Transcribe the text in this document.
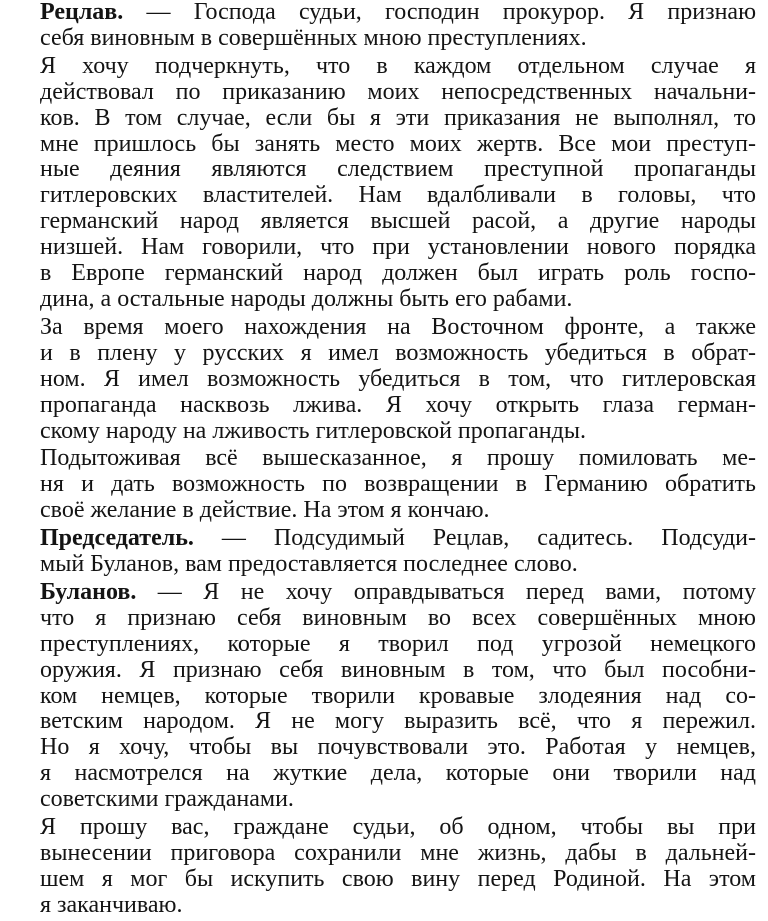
Рецлав. — Господа судьи, господин прокурор. Я признаю
себя виновным в совершённых мною преступлениях.
Я хочу подчеркнуть, что в каждом отдельном случае я
действовал по приказанию моих непосредственных начальни-
ков. В том случае, если бы я эти приказания не выполнял, то
мне пришлось бы занять место моих жертв. Все мои преступ-
ные деяния являются следствием преступной пропаганды
гитлеровских властителей. Нам вдалбливали в головы, что
германский народ является высшей расой, а другие народы
низшей. Нам говорили, что при установлении нового порядка
в Европе германский народ должен был играть роль госпо-
дина, а остальные народы должны быть его рабами.
За время моего нахождения на Восточном фронте, а также
и в плену у русских я имел возможность убедиться в обрат-
ном. Я имел возможность убедиться в том, что гитлеровская
пропаганда насквозь лжива. Я хочу открыть глаза герман-
скому народу на лживость гитлеровской пропаганды.
Подытоживая всё вышесказанное, я прошу помиловать ме-
ня и дать возможность по возвращении в Германию обратить
своё желание в действие. На этом я кончаю.
Председатель. — Подсудимый Рецлав, садитесь. Подсуди-
мый Буланов, вам предоставляется последнее слово.
Буланов. — Я не хочу оправдываться перед вами, потому
что я признаю себя виновным во всех совершённых мною
преступлениях, которые я творил под угрозой немецкого
оружия. Я признаю себя виновным в том, что был пособни-
ком немцев, которые творили кровавые злодеяния над со-
ветским народом. Я не могу выразить всё, что я пережил.
Но я хочу, чтобы вы почувствовали это. Работая у немцев,
я насмотрелся на жуткие дела, которые они творили над
советскими гражданами.
Я прошу вас, граждане судьи, об одном, чтобы вы при
вынесении приговора сохранили мне жизнь, дабы в дальней-
шем я мог бы искупить свою вину перед Родиной. На этом
я заканчиваю.
